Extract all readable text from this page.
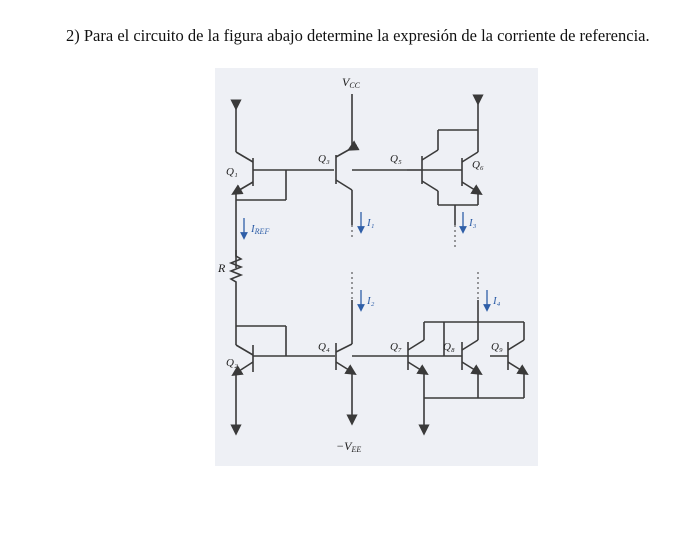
2) Para el circuito de la figura abajo determine la expresión de la corriente de referencia.
VCC
−VEE
R
Q₁
Q₂
Q₃
Q₄
Q₅	Q₆
Q₇	Q₈	Q₉
IREF
I₁	I₃
I₂	I₄
